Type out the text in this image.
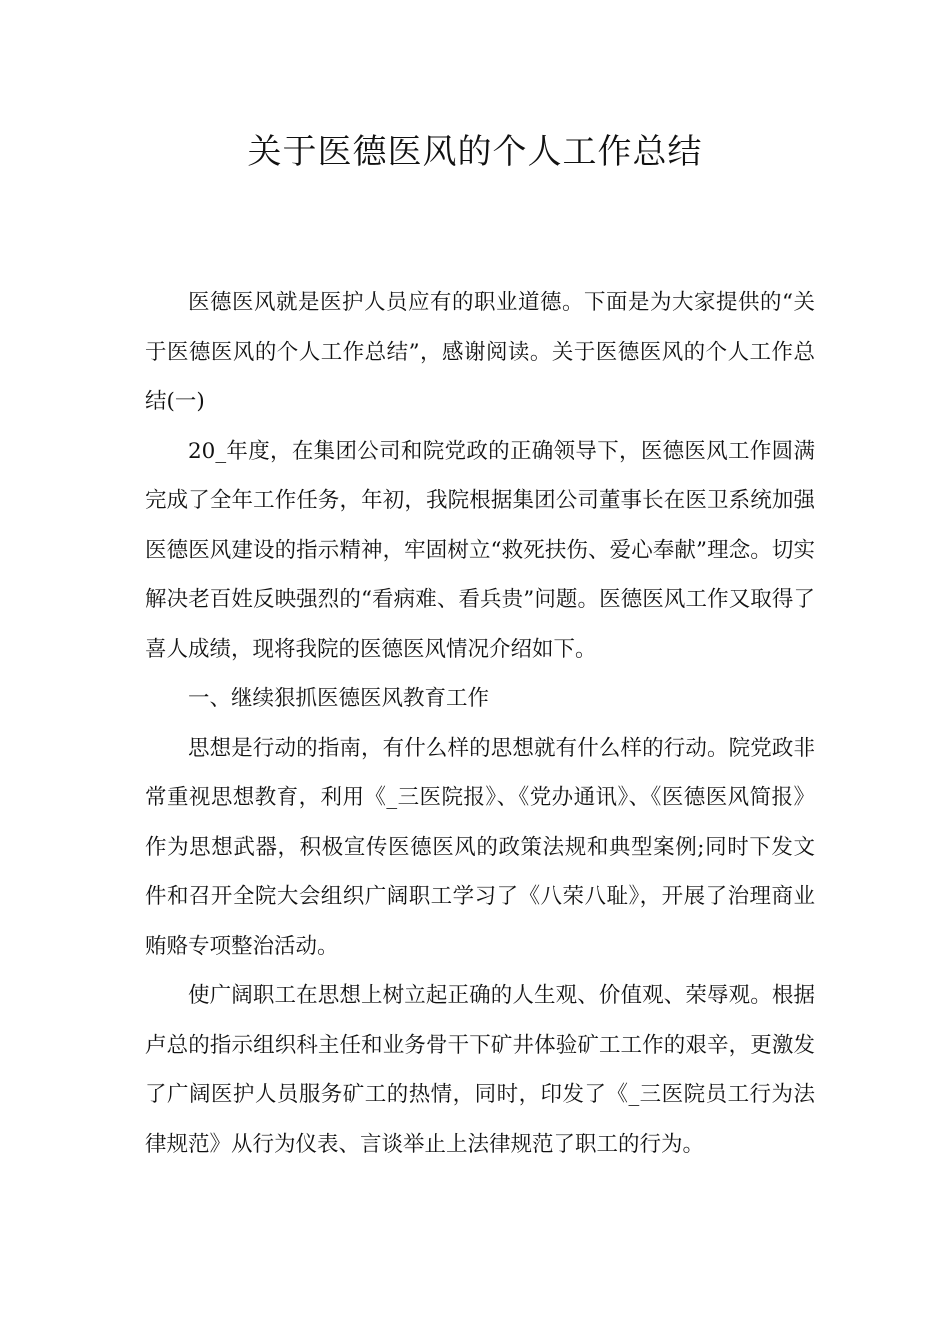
关于医德医风的个人工作总结

医德医风就是医护人员应有的职业道德。下面是为大家提供的“关于医德医风的个人工作总结”，感谢阅读。关于医德医风的个人工作总结(一)

20_年度，在集团公司和院党政的正确领导下，医德医风工作圆满完成了全年工作任务，年初，我院根据集团公司董事长在医卫系统加强医德医风建设的指示精神，牢固树立“救死扶伤、爱心奉献”理念。切实解决老百姓反映强烈的“看病难、看兵贵”问题。医德医风工作又取得了喜人成绩，现将我院的医德医风情况介绍如下。

一、继续狠抓医德医风教育工作

思想是行动的指南，有什么样的思想就有什么样的行动。院党政非常重视思想教育，利用《_三医院报》、《党办通讯》、《医德医风简报》作为思想武器，积极宣传医德医风的政策法规和典型案例;同时下发文件和召开全院大会组织广阔职工学习了《八荣八耻》，开展了治理商业贿赂专项整治活动。

使广阔职工在思想上树立起正确的人生观、价值观、荣辱观。根据卢总的指示组织科主任和业务骨干下矿井体验矿工工作的艰辛，更激发了广阔医护人员服务矿工的热情，同时，印发了《_三医院员工行为法律规范》从行为仪表、言谈举止上法律规范了职工的行为。
